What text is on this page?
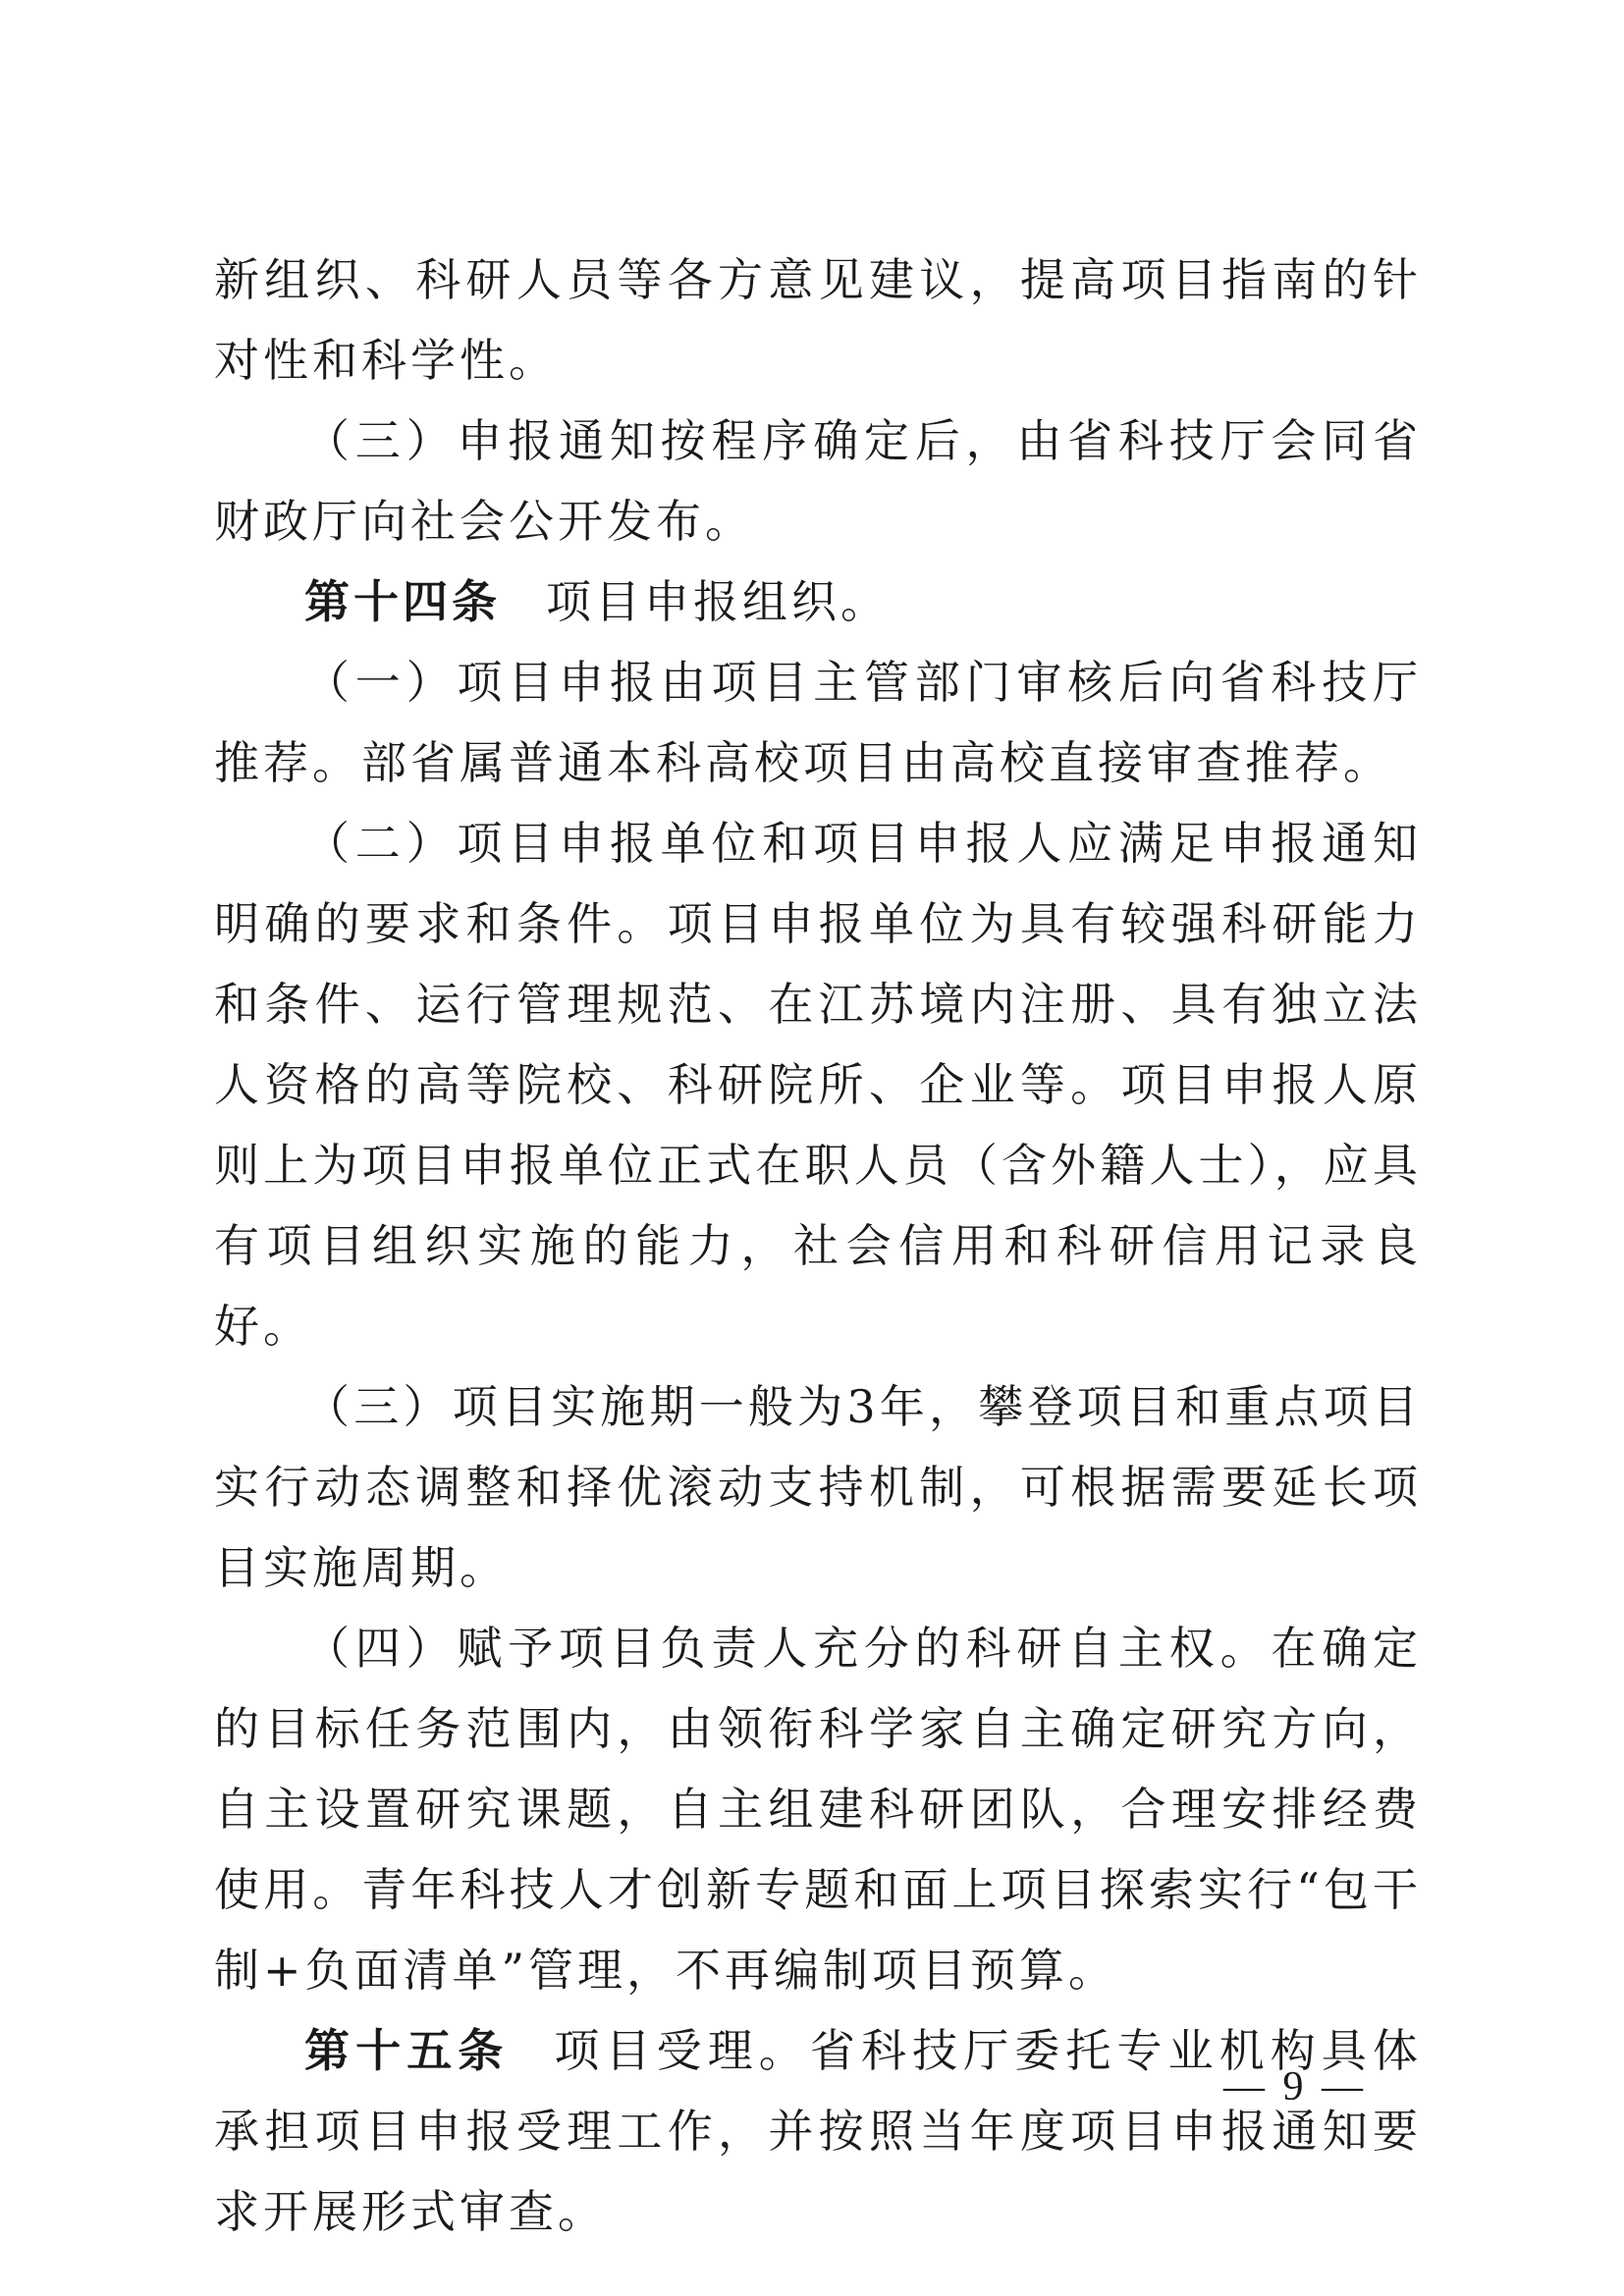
新组织、科研人员等各方意见建议，提高项目指南的针对性和科学性。

（三）申报通知按程序确定后，由省科技厅会同省财政厅向社会公开发布。

第十四条 项目申报组织。

（一）项目申报由项目主管部门审核后向省科技厅推荐。部省属普通本科高校项目由高校直接审查推荐。

（二）项目申报单位和项目申报人应满足申报通知明确的要求和条件。项目申报单位为具有较强科研能力和条件、运行管理规范、在江苏境内注册、具有独立法人资格的高等院校、科研院所、企业等。项目申报人原则上为项目申报单位正式在职人员（含外籍人士），应具有项目组织实施的能力，社会信用和科研信用记录良好。

（三）项目实施期一般为3年，攀登项目和重点项目实行动态调整和择优滚动支持机制，可根据需要延长项目实施周期。

（四）赋予项目负责人充分的科研自主权。在确定的目标任务范围内，由领衔科学家自主确定研究方向，自主设置研究课题，自主组建科研团队，合理安排经费使用。青年科技人才创新专题和面上项目探索实行“包干制+负面清单”管理，不再编制项目预算。

第十五条 项目受理。省科技厅委托专业机构具体承担项目申报受理工作，并按照当年度项目申报通知要求开展形式审查。

— 9 —
